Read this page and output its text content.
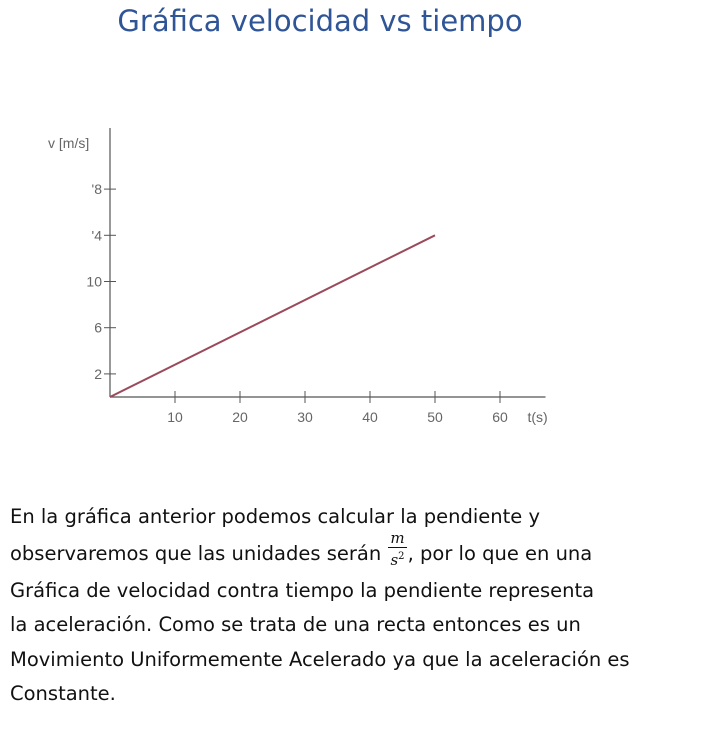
Gráfica velocidad vs tiempo
2
6
10
'4
'8
10	20	30	40	50	60
v [m/s]
t(s)
En la gráfica anterior podemos calcular la pendiente y
observaremos que las unidades serán $\frac{m}{s^2}$ , por lo que en una
Gráfica de velocidad contra tiempo la pendiente representa
la aceleración. Como se trata de una recta entonces es un
Movimiento Uniformemente Acelerado ya que la aceleración es
Constante.
